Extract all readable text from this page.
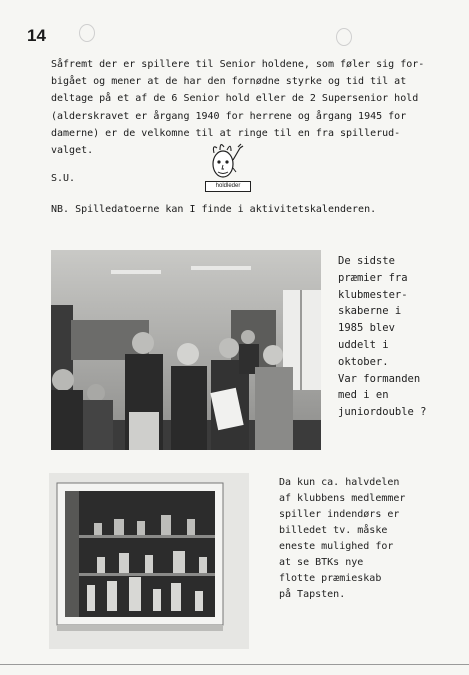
14
Såfremt der er spillere til Senior holdene, som føler sig for-
bigået og mener at de har den fornødne styrke og tid til at
deltage på et af de 6 Senior hold eller de 2 Supersenior hold
(alderskravet er årgang 1940 for herrene og årgang 1945 for
damerne) er de velkomne til at ringe til en fra spillerud-
valget.
S.U.
holdleder
NB. Spilledatoerne kan I finde i aktivitetskalenderen.
De sidste
præmier fra
klubmester-
skaberne i
1985 blev
uddelt i
oktober.
Var formanden
med i en
juniordouble ?
Da kun ca. halvdelen
af klubbens medlemmer
spiller indendørs er
billedet tv. måske
eneste mulighed for
at se BTKs nye
flotte præmieskab
på Tapsten.
